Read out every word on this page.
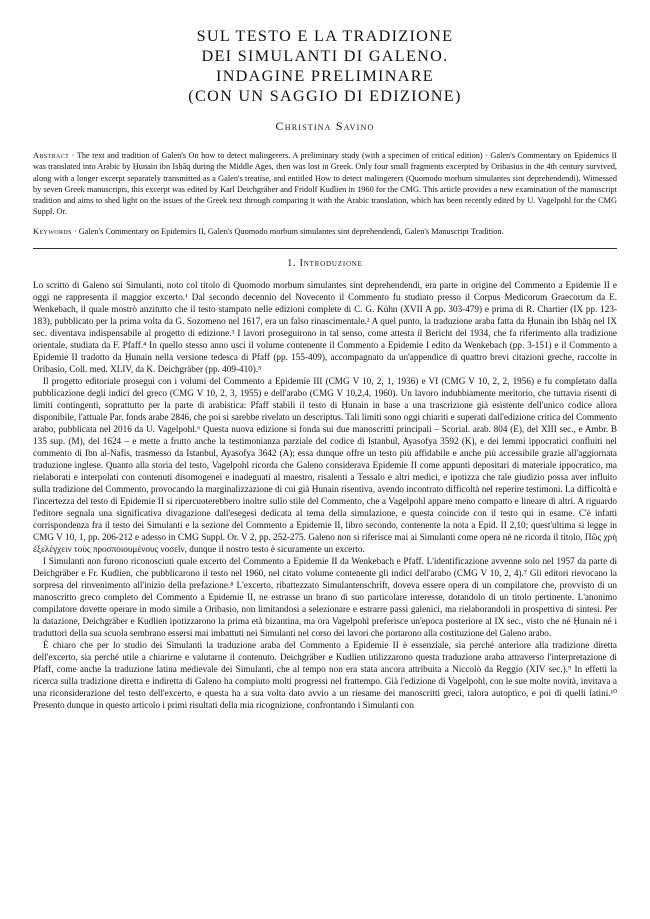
SUL TESTO E LA TRADIZIONE
DEI SIMULANTI DI GALENO.
INDAGINE PRELIMINARE
(CON UN SAGGIO DI EDIZIONE)
Christina Savino

Abstract · The text and tradition of Galen's On how to detect malingerers. A preliminary study (with a specimen of critical edition) · Galen's Commentary on Epidemics II was translated into Arabic by Ḥunain ibn Isḥāq during the Middle Ages, then was lost in Greek. Only four small fragments excerpted by Oribasius in the 4th century survived, along with a longer excerpt separately transmitted as a Galen's treatise, and entitled How to detect malingerers (Quomodo morbum simulantes sint deprehendendi). Witnessed by seven Greek manuscripts, this excerpt was edited by Karl Deichgräber and Fridolf Kudlien in 1960 for the CMG. This article provides a new examination of the manuscript tradition and aims to shed light on the issues of the Greek text through comparing it with the Arabic translation, which has been recently edited by U. Vagelpohl for the CMG Suppl. Or.

Keywords · Galen's Commentary on Epidemics II, Galen's Quomodo morbum simulantes sint deprehendendi, Galen's Manuscript Tradition.

1. Introduzione

Lo scritto di Galeno sui Simulanti, noto col titolo di Quomodo morbum simulantes sint deprehendendi, era parte in origine del Commento a Epidemie II e oggi ne rappresenta il maggior excerto.¹ Dal secondo decennio del Novecento il Commento fu studiato presso il Corpus Medicorum Graecorum da E. Wenkebach, il quale mostrò anzitutto che il testo stampato nelle edizioni complete di C. G. Kühn (XVII A pp. 303-479) e prima di R. Chartier (IX pp. 123-183), pubblicato per la prima volta da G. Sozomeno nel 1617, era un falso rinascimentale.² A quel punto, la traduzione araba fatta da Ḥunain ibn Isḥāq nel IX sec. diventava indispensabile al progetto di edizione.³ I lavori proseguirono in tal senso, come attesta il Bericht del 1934, che fa riferimento alla tradizione orientale, studiata da F. Pfaff.⁴ In quello stesso anno uscì il volume contenente il Commento a Epidemie I edito da Wenkebach (pp. 3-151) e il Commento a Epidemie II tradotto da Ḥunain nella versione tedesca di Pfaff (pp. 155-409), accompagnato da un'appendice di quattro brevi citazioni greche, raccolte in Oribasio, Coll. med. XLIV, da K. Deichgräber (pp. 409-410).⁵

Il progetto editoriale proseguì con i volumi del Commento a Epidemie III (CMG V 10, 2, 1, 1936) e VI (CMG V 10, 2, 2, 1956) e fu completato dalla pubblicazione degli indici del greco (CMG V 10, 2, 3, 1955) e dell'arabo (CMG V 10,2,4, 1960). Un lavoro indubbiamente meritorio, che tuttavia risentì di limiti contingenti, soprattutto per la parte di arabistica: Pfaff stabilì il testo di Ḥunain in base a una trascrizione già esistente dell'unico codice allora disponibile, l'attuale Par. fonds arabe 2846, che poi si sarebbe rivelato un descriptus. Tali limiti sono oggi chiariti e superati dall'edizione critica del Commento arabo, pubblicata nel 2016 da U. Vagelpohl.⁶ Questa nuova edizione si fonda sui due manoscritti principali – Scorial. arab. 804 (E), del XIII sec., e Ambr. B 135 sup. (M), del 1624 – e mette a frutto anche la testimonianza parziale del codice di Istanbul, Ayasofya 3592 (K), e dei lemmi ippocratici confluiti nel commento di Ibn al-Nafis, trasmesso da Istanbul, Ayasofya 3642 (A); essa dunque offre un testo più affidabile e anche più accessibile grazie all'aggiornata traduzione inglese. Quanto alla storia del testo, Vagelpohl ricorda che Galeno considerava Epidemie II come appunti depositari di materiale ippocratico, ma rielaborati e interpolati con contenuti disomogenei e inadeguati al maestro, risalenti a Tessalo e altri medici, e ipotizza che tale giudizio possa aver influito sulla tradizione del Commento, provocando la marginalizzazione di cui già Ḥunain risentiva, avendo incontrato difficoltà nel reperire testimoni. La difficoltà e l'incertezza del testo di Epidemie II si ripercuoterebbero inoltre sullo stile del Commento, che a Vagelpohl appare meno compatto e lineare di altri. A riguardo l'editore segnala una significativa divagazione dall'esegesi dedicata al tema della simulazione, e questa coincide con il testo qui in esame. C'è infatti corrispondenza fra il testo dei Simulanti e la sezione del Commento a Epidemie II, libro secondo, contenente la nota a Epid. II 2,10; quest'ultima si legge in CMG V 10, 1, pp. 206-212 e adesso in CMG Suppl. Or. V 2, pp. 252-275. Galeno non si riferisce mai ai Simulanti come opera né ne ricorda il titolo, Πῶς χρὴ ἐξελέγχειν τοὺς προσποιουμένους νοσεῖν, dunque il nostro testo è sicuramente un excerto.

I Simulanti non furono riconosciuti quale excerto del Commento a Epidemie II da Wenkebach e Pfaff. L'identificazione avvenne solo nel 1957 da parte di Deichgräber e Fr. Kudlien, che pubblicarono il testo nel 1960, nel citato volume contenente gli indici dell'arabo (CMG V 10, 2, 4).⁷ Gli editori rievocano la sorpresa del rinvenimento all'inizio della prefazione.⁸ L'excerto, ribattezzato Simulantenschrift, doveva essere opera di un compilatore che, provvisto di un manoscritto greco completo del Commento a Epidemie II, ne estrasse un brano di suo particolare interesse, dotandolo di un titolo pertinente. L'anonimo compilatore dovette operare in modo simile a Oribasio, non limitandosi a selezionare e estrarre passi galenici, ma rielaborandoli in prospettiva di sintesi. Per la datazione, Deichgräber e Kudlien ipotizzarono la prima età bizantina, ma ora Vagelpohl preferisce un'epoca posteriore al IX sec., visto che né Ḥunain né i traduttori della sua scuola sembrano essersi mai imbattuti nei Simulanti nel corso dei lavori che portarono alla costituzione del Galeno arabo.

È chiaro che per lo studio dei Simulanti la traduzione araba del Commento a Epidemie II è essenziale, sia perché anteriore alla tradizione diretta dell'excerto, sia perché utile a chiarirne e valutarne il contenuto. Deichgräber e Kudlien utilizzarono questa traduzione araba attraverso l'interpretazione di Pfaff, come anche la traduzione latina medievale dei Simulanti, che al tempo non era stata ancora attribuita a Niccolò da Reggio (XIV sec.).⁹ In effetti la ricerca sulla tradizione diretta e indiretta di Galeno ha compiuto molti progressi nel frattempo. Già l'edizione di Vagelpohl, con le sue molte novità, invitava a una riconsiderazione del testo dell'excerto, e questa ha a sua volta dato avvio a un riesame dei manoscritti greci, talora autoptico, e poi di quelli latini.¹⁰ Presento dunque in questo articolo i primi risultati della mia ricognizione, confrontando i Simulanti con
